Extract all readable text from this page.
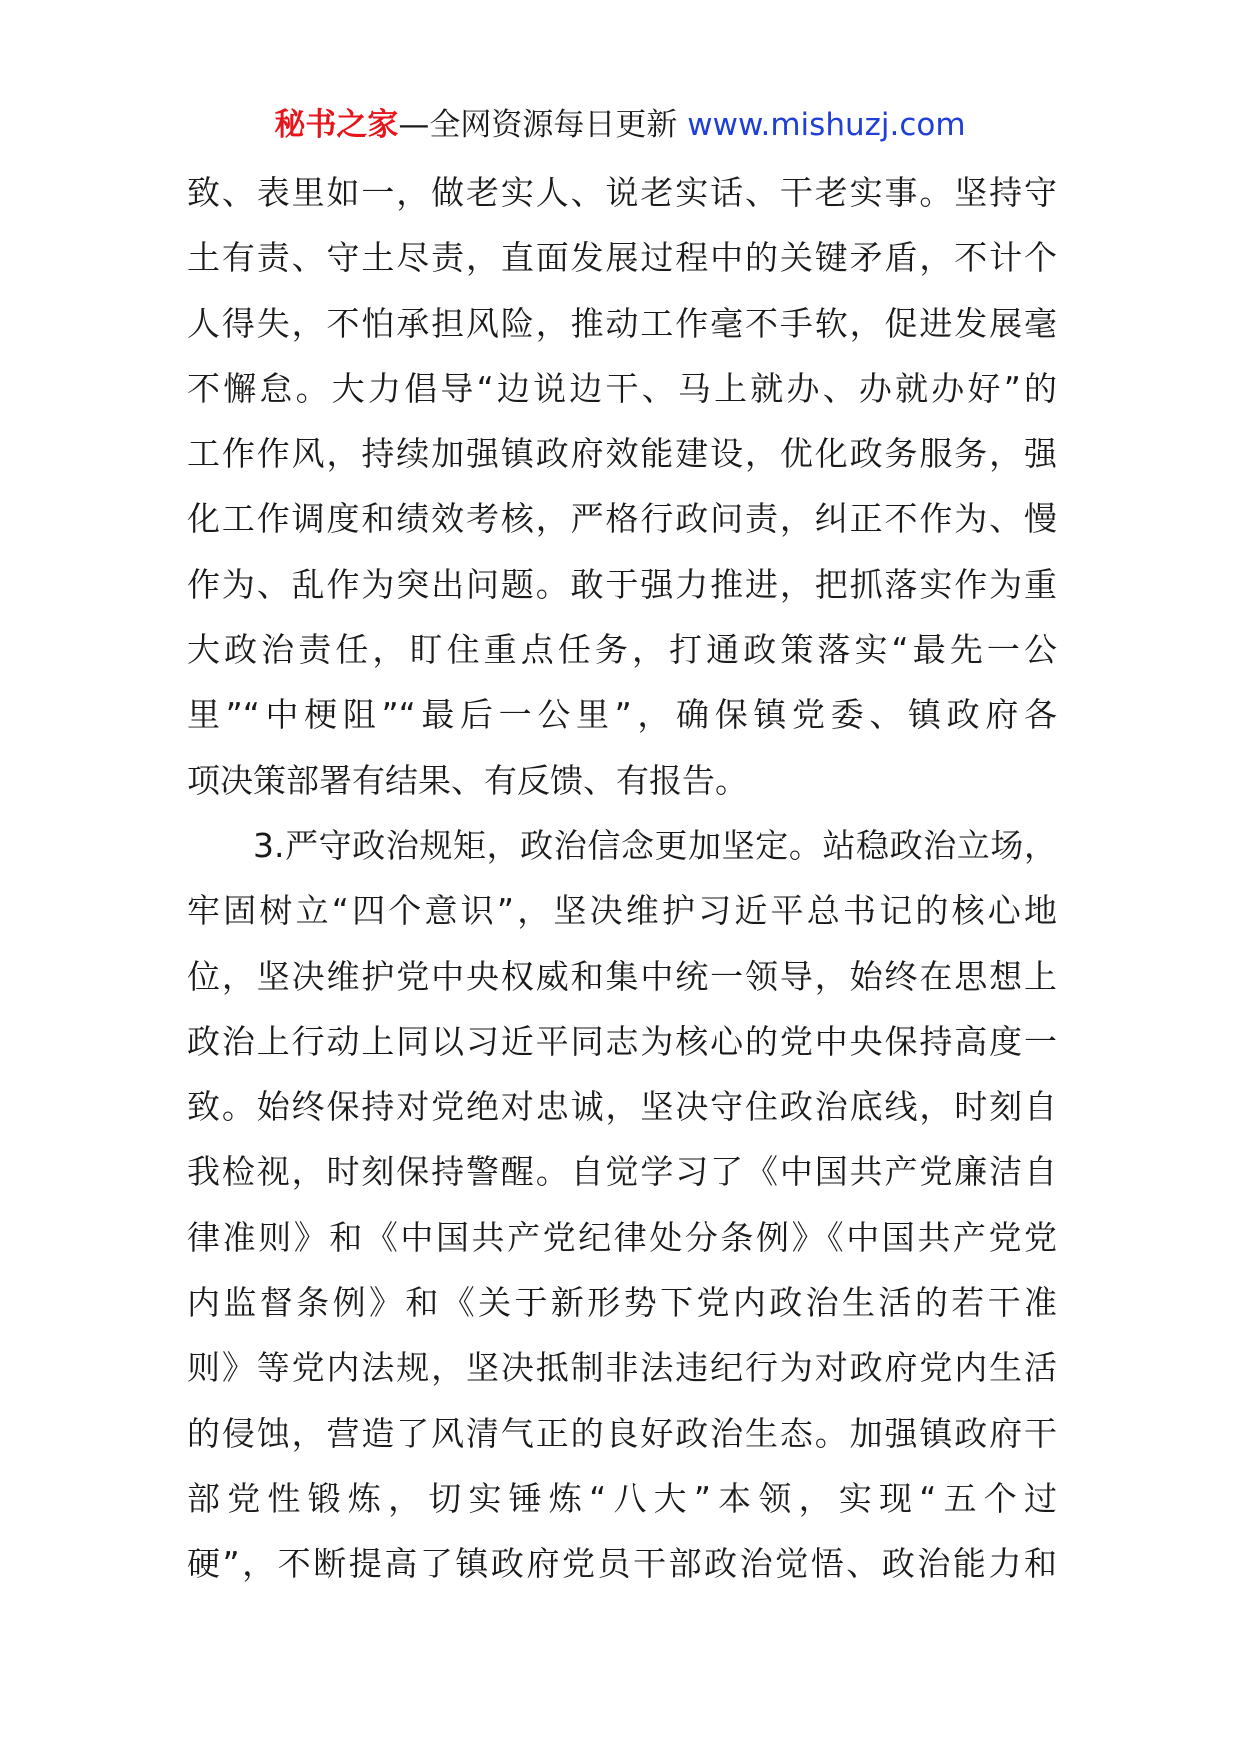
秘书之家—全网资源每日更新 www.mishuzj.com
致、表里如一，做老实人、说老实话、干老实事。坚持守
土有责、守土尽责，直面发展过程中的关键矛盾，不计个
人得失，不怕承担风险，推动工作毫不手软，促进发展毫
不懈怠。大力倡导“边说边干、马上就办、办就办好”的
工作作风，持续加强镇政府效能建设，优化政务服务，强
化工作调度和绩效考核，严格行政问责，纠正不作为、慢
作为、乱作为突出问题。敢于强力推进，把抓落实作为重
大政治责任，盯住重点任务，打通政策落实“最先一公
里”“中梗阻”“最后一公里”，确保镇党委、镇政府各
项决策部署有结果、有反馈、有报告。
3.严守政治规矩，政治信念更加坚定。站稳政治立场，
牢固树立“四个意识”，坚决维护习近平总书记的核心地
位，坚决维护党中央权威和集中统一领导，始终在思想上
政治上行动上同以习近平同志为核心的党中央保持高度一
致。始终保持对党绝对忠诚，坚决守住政治底线，时刻自
我检视，时刻保持警醒。自觉学习了《中国共产党廉洁自
律准则》和《中国共产党纪律处分条例》《中国共产党党
内监督条例》和《关于新形势下党内政治生活的若干准
则》等党内法规，坚决抵制非法违纪行为对政府党内生活
的侵蚀，营造了风清气正的良好政治生态。加强镇政府干
部党性锻炼，切实锤炼“八大”本领，实现“五个过
硬”，不断提高了镇政府党员干部政治觉悟、政治能力和
